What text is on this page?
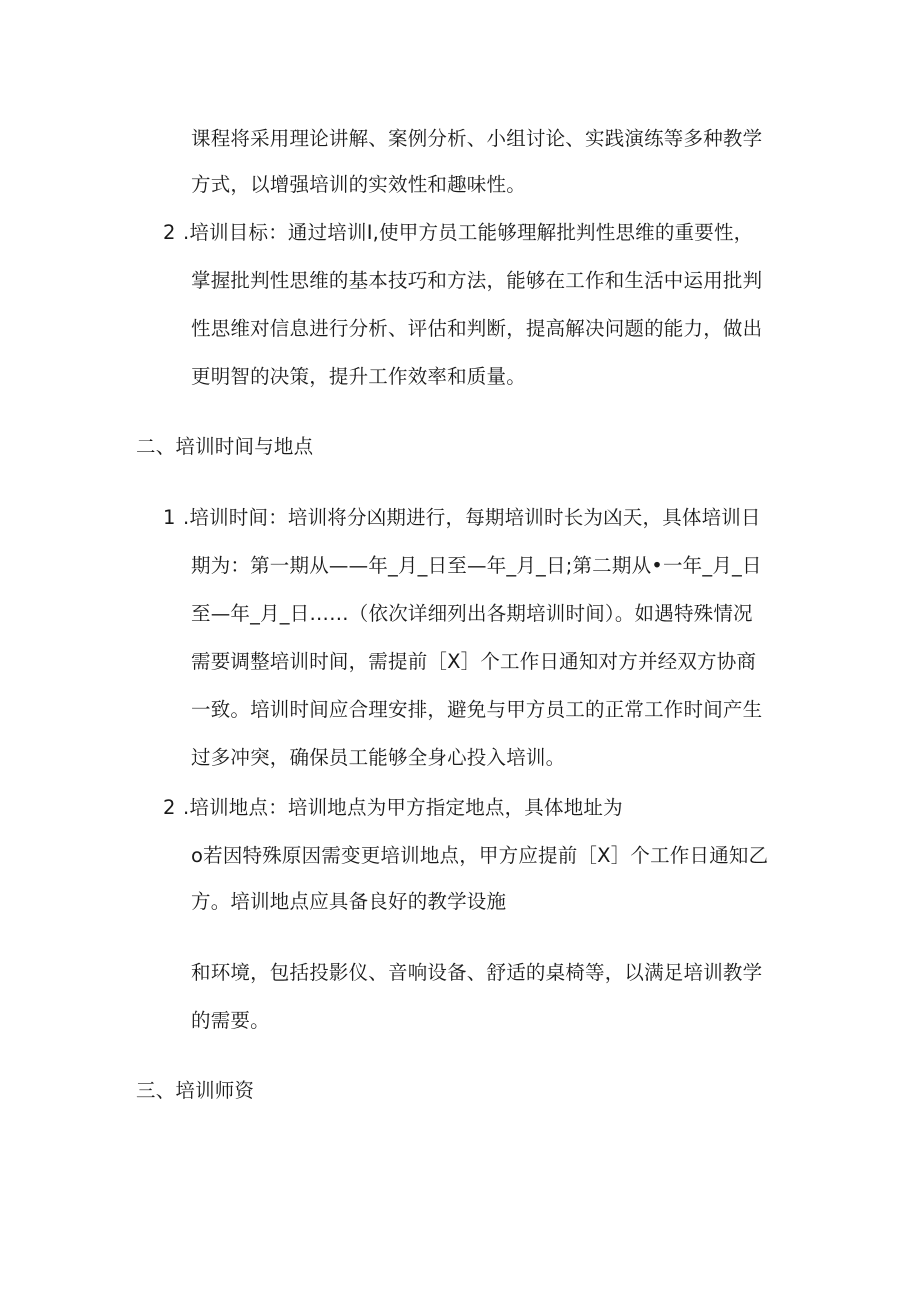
课程将采用理论讲解、案例分析、小组讨论、实践演练等多种教学
方式，以增强培训的实效性和趣味性。
2 .培训目标：通过培训I,使甲方员工能够理解批判性思维的重要性，
掌握批判性思维的基本技巧和方法，能够在工作和生活中运用批判
性思维对信息进行分析、评估和判断，提高解决问题的能力，做出
更明智的决策，提升工作效率和质量。
二、培训时间与地点
1 .培训时间：培训将分凶期进行，每期培训时长为凶天，具体培训日
期为：第一期从——年_月_日至—年_月_日;第二期从•一年_月_日
至—年_月_日……（依次详细列出各期培训时间）。如遇特殊情况
需要调整培训时间，需提前［X］个工作日通知对方并经双方协商
一致。培训时间应合理安排，避免与甲方员工的正常工作时间产生
过多冲突，确保员工能够全身心投入培训。
2 .培训地点：培训地点为甲方指定地点，具体地址为
o若因特殊原因需变更培训地点，甲方应提前［X］个工作日通知乙
方。培训地点应具备良好的教学设施
和环境，包括投影仪、音响设备、舒适的桌椅等，以满足培训教学
的需要。
三、培训师资
